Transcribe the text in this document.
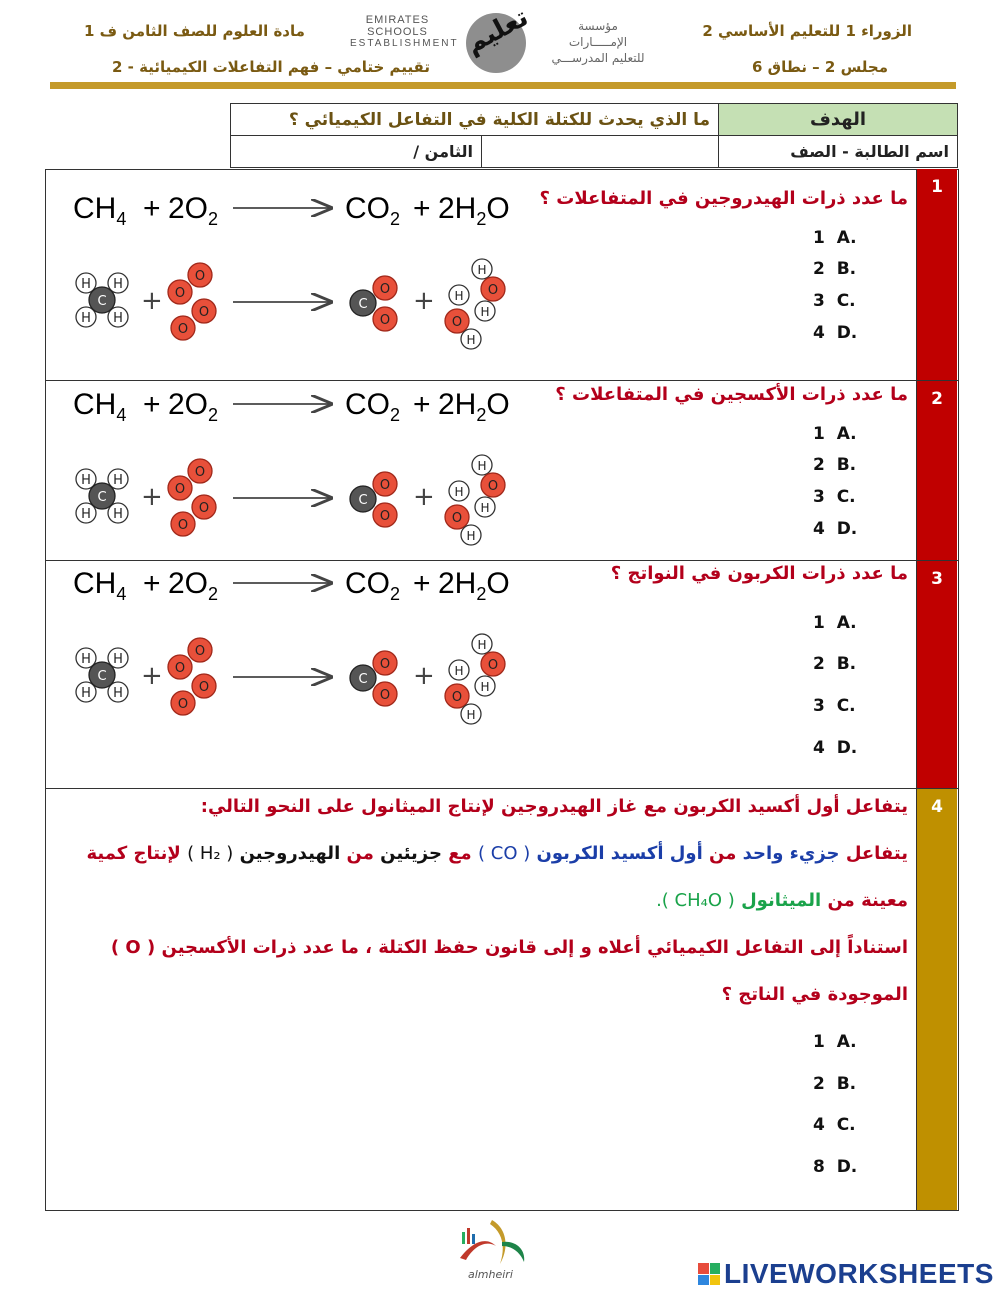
الزوراء 1 للتعليم الأساسي 2
مجلس 2 – نطاق 6
مادة العلوم للصف الثامن ف 1
تقييم ختامي – فهم التفاعلات الكيميائية - 2
EMIRATES SCHOOLS
ESTABLISHMENT تعليم	مؤسسة الإمـــــارات
للتعليم المدرســـي
الهدف	ما الذي يحدث للكتلة الكلية في التفاعل الكيميائي ؟	
اسم الطالبة - الصف		الثامن /
1
ما عدد ذرات الهيدروجين في المتفاعلات ؟
1 A.
2 B.
3 C.
4 D.
2
ما عدد ذرات الأكسجين في المتفاعلات ؟
1 A.
2 B.
3 C.
4 D.
3
ما عدد ذرات الكربون في النواتج ؟
1 A.
2 B.
3 C.
4 D.
4
يتفاعل أول أكسيد الكربون مع غاز الهيدروجين لإنتاج الميثانول على النحو التالي:
يتفاعل جزيء واحد من أول أكسيد الكربون ( CO ) مع جزيئين من الهيدروجين ( H₂ ) لإنتاج كمية معينة من الميثانول ( CH₄O ).
استناداً إلى التفاعل الكيميائي أعلاه و إلى قانون حفظ الكتلة ، ما عدد ذرات الأكسجين ( O ) الموجودة في الناتج ؟
1 A.
2 B.
4 C.
8 D.
almheiri	LIVEWORKSHEETS
